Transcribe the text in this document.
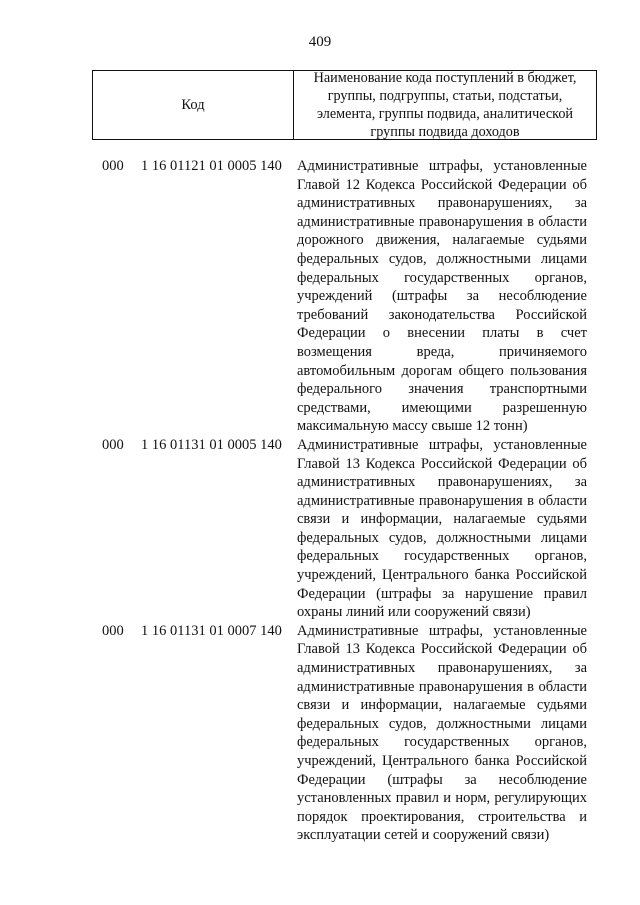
409
Код
Наименование кода поступлений в бюджет, группы, подгруппы, статьи, подстатьи, элемента, группы подвида, аналитической группы подвида доходов
000 1 16 01121 01 0005 140 Административные штрафы, установленные Главой 12 Кодекса Российской Федерации об административных правонарушениях, за административные правонарушения в области дорожного движения, налагаемые судьями федеральных судов, должностными лицами федеральных государственных органов, учреждений (штрафы за несоблюдение требований законодательства Российской Федерации о внесении платы в счет возмещения вреда, причиняемого автомобильным дорогам общего пользования федерального значения транспортными средствами, имеющими разрешенную максимальную массу свыше 12 тонн)
000 1 16 01131 01 0005 140 Административные штрафы, установленные Главой 13 Кодекса Российской Федерации об административных правонарушениях, за административные правонарушения в области связи и информации, налагаемые судьями федеральных судов, должностными лицами федеральных государственных органов, учреждений, Центрального банка Российской Федерации (штрафы за нарушение правил охраны линий или сооружений связи)
000 1 16 01131 01 0007 140 Административные штрафы, установленные Главой 13 Кодекса Российской Федерации об административных правонарушениях, за административные правонарушения в области связи и информации, налагаемые судьями федеральных судов, должностными лицами федеральных государственных органов, учреждений, Центрального банка Российской Федерации (штрафы за несоблюдение установленных правил и норм, регулирующих порядок проектирования, строительства и эксплуатации сетей и сооружений связи)
